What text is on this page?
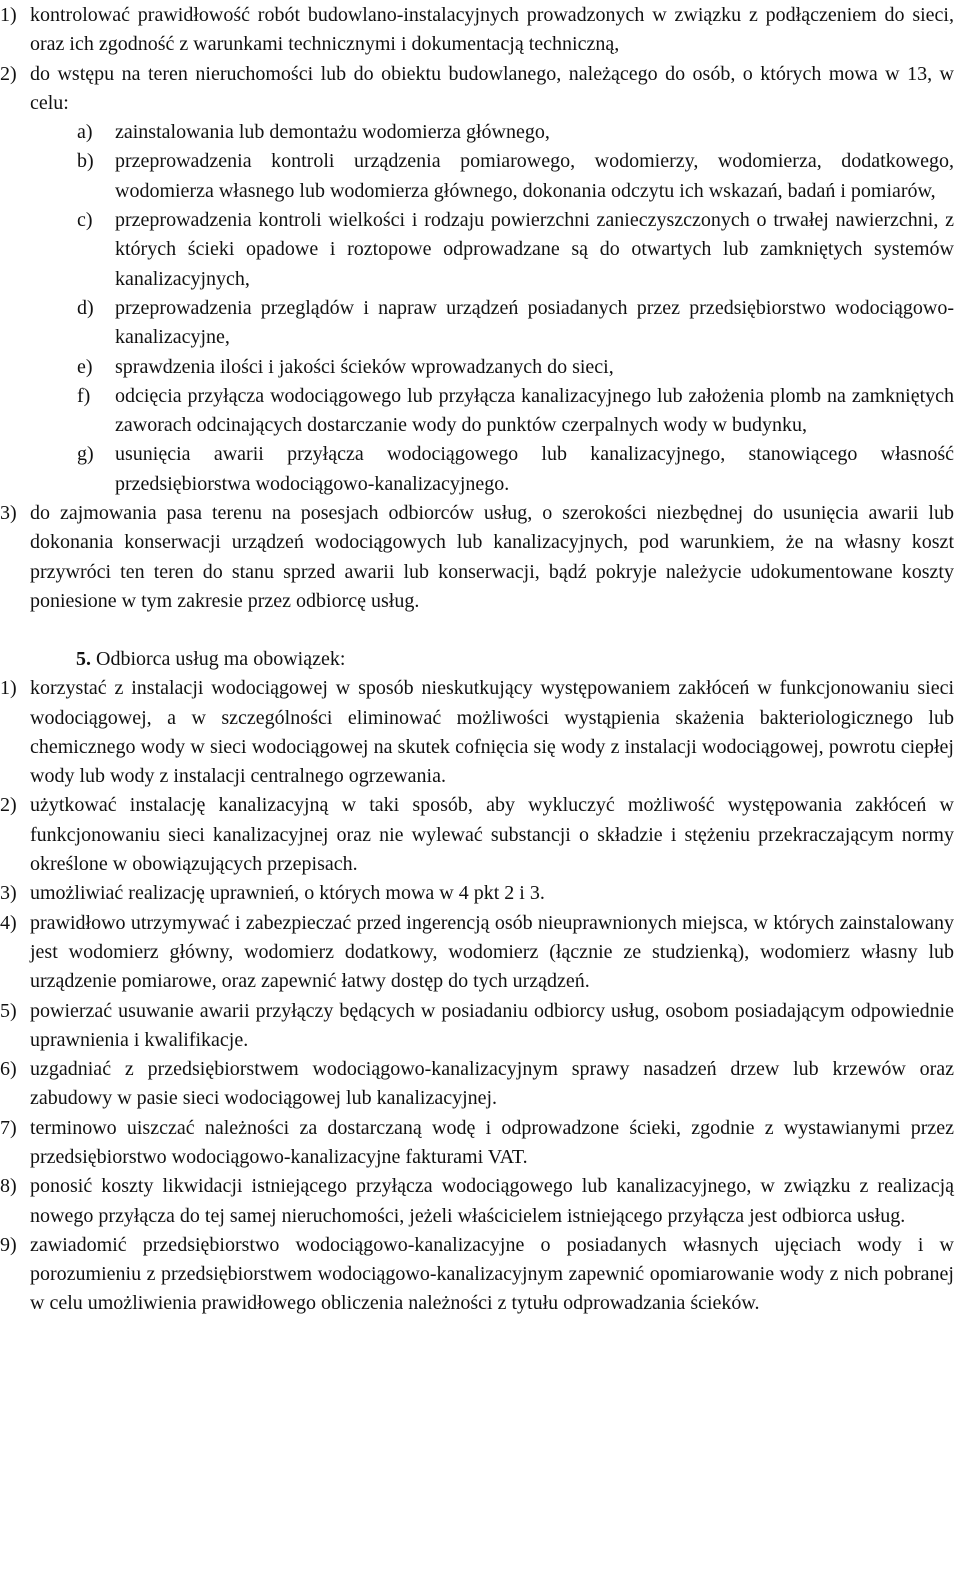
1) kontrolować prawidłowość robót budowlano-instalacyjnych prowadzonych w związku z podłączeniem do sieci, oraz ich zgodność z warunkami technicznymi i dokumentacją techniczną,
2) do wstępu na teren nieruchomości lub do obiektu budowlanego, należącego do osób, o których mowa w 13, w celu:
a) zainstalowania lub demontażu wodomierza głównego,
b) przeprowadzenia kontroli urządzenia pomiarowego, wodomierzy, wodomierza, dodatkowego, wodomierza własnego lub wodomierza głównego, dokonania odczytu ich wskazań, badań i pomiarów,
c) przeprowadzenia kontroli wielkości i rodzaju powierzchni zanieczyszczonych o trwałej nawierzchni, z których ścieki opadowe i roztopowe odprowadzane są do otwartych lub zamkniętych systemów kanalizacyjnych,
d) przeprowadzenia przeglądów i napraw urządzeń posiadanych przez przedsiębiorstwo wodociągowo-kanalizacyjne,
e) sprawdzenia ilości i jakości ścieków wprowadzanych do sieci,
f) odcięcia przyłącza wodociągowego lub przyłącza kanalizacyjnego lub założenia plomb na zamkniętych zaworach odcinających dostarczanie wody do punktów czerpalnych wody w budynku,
g) usunięcia awarii przyłącza wodociągowego lub kanalizacyjnego, stanowiącego własność przedsiębiorstwa wodociągowo-kanalizacyjnego.
3) do zajmowania pasa terenu na posesjach odbiorców usług, o szerokości niezbędnej do usunięcia awarii lub dokonania konserwacji urządzeń wodociągowych lub kanalizacyjnych, pod warunkiem, że na własny koszt przywróci ten teren do stanu sprzed awarii lub konserwacji, bądź pokryje należycie udokumentowane koszty poniesione w tym zakresie przez odbiorcę usług.
5. Odbiorca usług ma obowiązek:
1) korzystać z instalacji wodociągowej w sposób nieskutkujący występowaniem zakłóceń w funkcjonowaniu sieci wodociągowej, a w szczególności eliminować możliwości wystąpienia skażenia bakteriologicznego lub chemicznego wody w sieci wodociągowej na skutek cofnięcia się wody z instalacji wodociągowej, powrotu ciepłej wody lub wody z instalacji centralnego ogrzewania.
2) użytkować instalację kanalizacyjną w taki sposób, aby wykluczyć możliwość występowania zakłóceń w funkcjonowaniu sieci kanalizacyjnej oraz nie wylewać substancji o składzie i stężeniu przekraczającym normy określone w obowiązujących przepisach.
3) umożliwiać realizację uprawnień, o których mowa w 4 pkt 2 i 3.
4) prawidłowo utrzymywać i zabezpieczać przed ingerencją osób nieuprawnionych miejsca, w których zainstalowany jest wodomierz główny, wodomierz dodatkowy, wodomierz (łącznie ze studzienką), wodomierz własny lub urządzenie pomiarowe, oraz zapewnić łatwy dostęp do tych urządzeń.
5) powierzać usuwanie awarii przyłączy będących w posiadaniu odbiorcy usług, osobom posiadającym odpowiednie uprawnienia i kwalifikacje.
6) uzgadniać z przedsiębiorstwem wodociągowo-kanalizacyjnym sprawy nasadzeń drzew lub krzewów oraz zabudowy w pasie sieci wodociągowej lub kanalizacyjnej.
7) terminowo uiszczać należności za dostarczaną wodę i odprowadzone ścieki, zgodnie z wystawianymi przez przedsiębiorstwo wodociągowo-kanalizacyjne fakturami VAT.
8) ponosić koszty likwidacji istniejącego przyłącza wodociągowego lub kanalizacyjnego, w związku z realizacją nowego przyłącza do tej samej nieruchomości, jeżeli właścicielem istniejącego przyłącza jest odbiorca usług.
9) zawiadomić przedsiębiorstwo wodociągowo-kanalizacyjne o posiadanych własnych ujęciach wody i w porozumieniu z przedsiębiorstwem wodociągowo-kanalizacyjnym zapewnić opomiarowanie wody z nich pobranej w celu umożliwienia prawidłowego obliczenia należności z tytułu odprowadzania ścieków.
